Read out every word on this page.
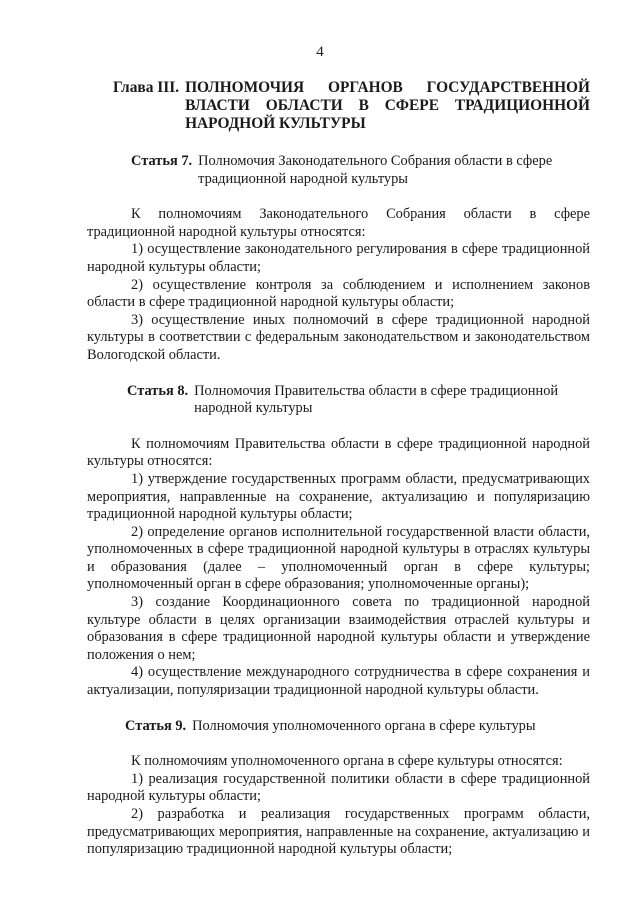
4
Глава III. ПОЛНОМОЧИЯ ОРГАНОВ ГОСУДАРСТВЕННОЙ ВЛАСТИ ОБЛАСТИ В СФЕРЕ ТРАДИЦИОННОЙ НАРОДНОЙ КУЛЬТУРЫ
Статья 7. Полномочия Законодательного Собрания области в сфере традиционной народной культуры

К полномочиям Законодательного Собрания области в сфере традиционной народной культуры относятся:

1) осуществление законодательного регулирования в сфере традиционной народной культуры области;

2) осуществление контроля за соблюдением и исполнением законов области в сфере традиционной народной культуры области;

3) осуществление иных полномочий в сфере традиционной народной культуры в соответствии с федеральным законодательством и законодательством Вологодской области.

Статья 8. Полномочия Правительства области в сфере традиционной народной культуры

К полномочиям Правительства области в сфере традиционной народной культуры относятся:

1) утверждение государственных программ области, предусматривающих мероприятия, направленные на сохранение, актуализацию и популяризацию традиционной народной культуры области;

2) определение органов исполнительной государственной власти области, уполномоченных в сфере традиционной народной культуры в отраслях культуры и образования (далее – уполномоченный орган в сфере культуры; уполномоченный орган в сфере образования; уполномоченные органы);

3) создание Координационного совета по традиционной народной культуре области в целях организации взаимодействия отраслей культуры и образования в сфере традиционной народной культуры области и утверждение положения о нем;

4) осуществление международного сотрудничества в сфере сохранения и актуализации, популяризации традиционной народной культуры области.

Статья 9. Полномочия уполномоченного органа в сфере культуры

К полномочиям уполномоченного органа в сфере культуры относятся:

1) реализация государственной политики области в сфере традиционной народной культуры области;

2) разработка и реализация государственных программ области, предусматривающих мероприятия, направленные на сохранение, актуализацию и популяризацию традиционной народной культуры области;
